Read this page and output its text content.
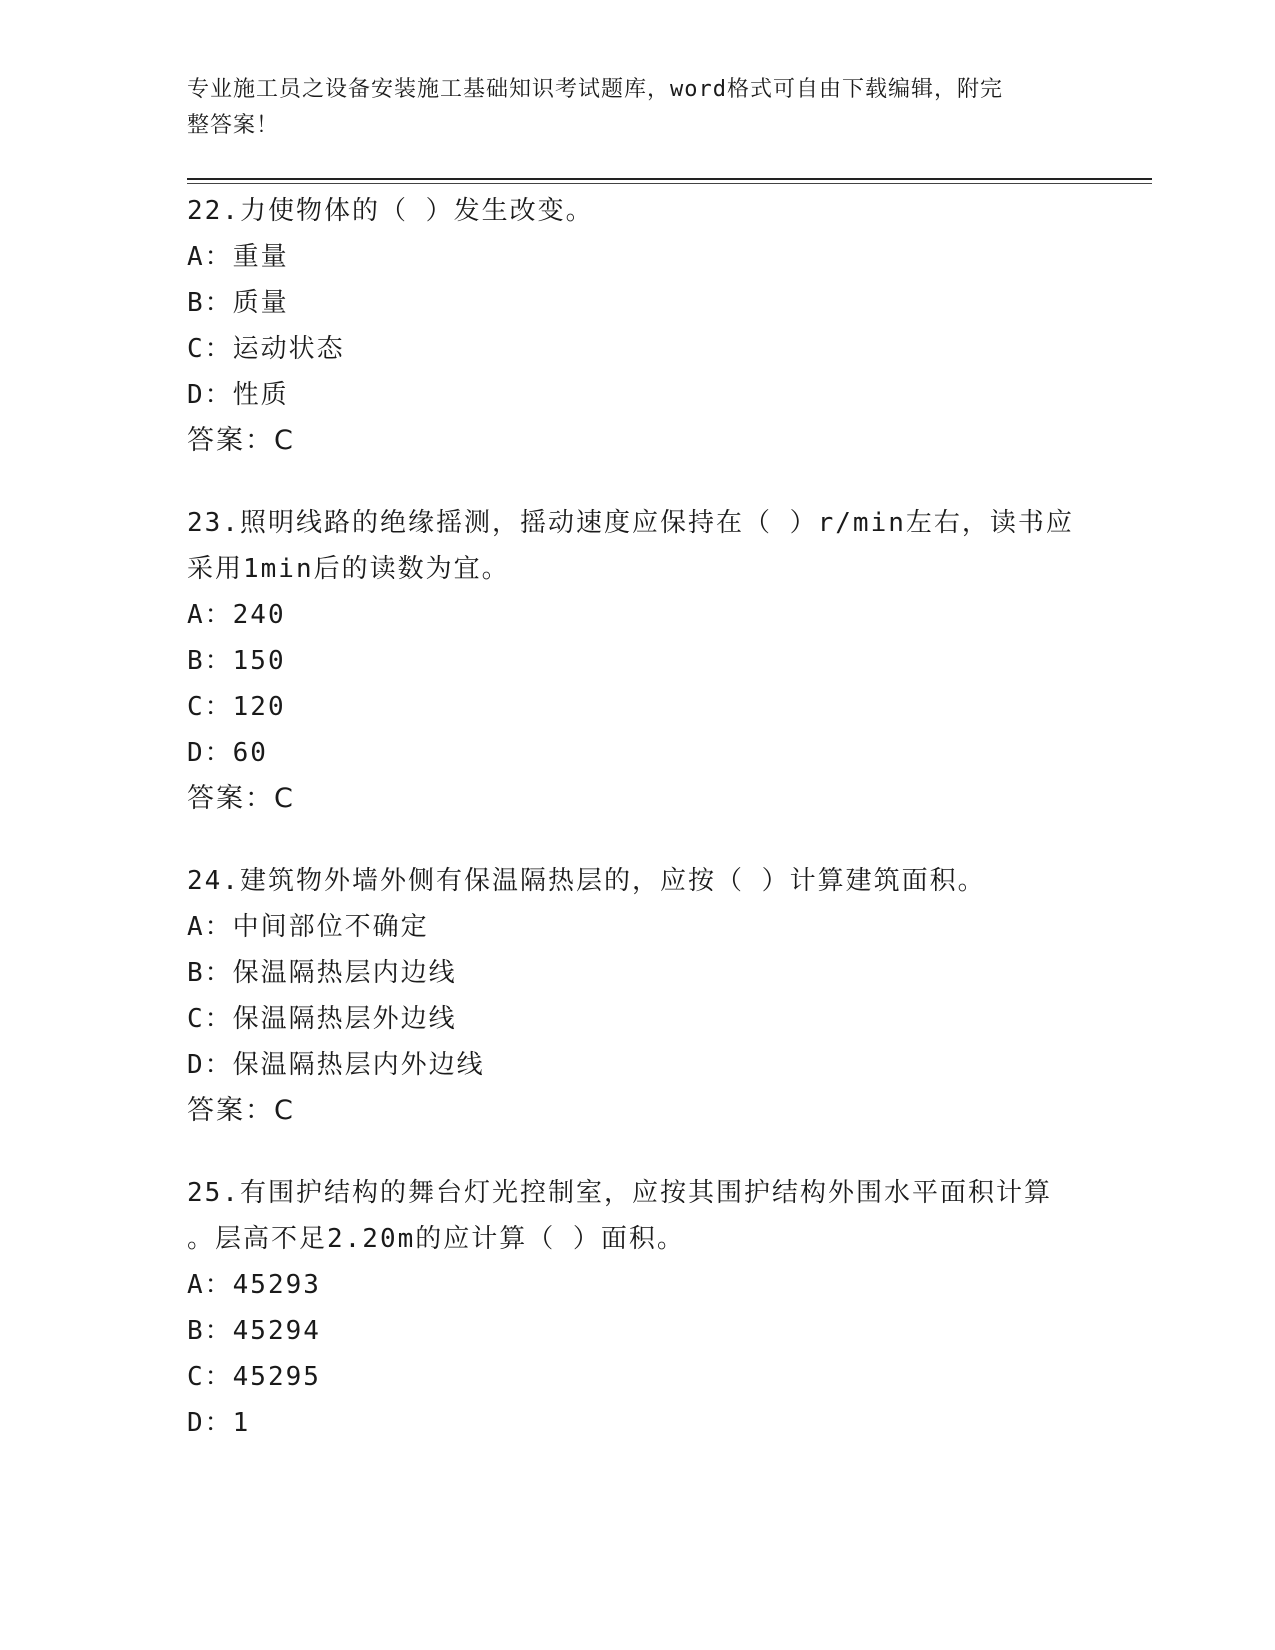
专业施工员之设备安装施工基础知识考试题库，word格式可自由下载编辑，附完
整答案！
22.力使物体的（ ）发生改变。
A：重量
B：质量
C：运动状态
D：性质
答案：C
23.照明线路的绝缘摇测，摇动速度应保持在（ ）r/min左右，读书应
采用1min后的读数为宜。
A：240
B：150
C：120
D：60
答案：C
24.建筑物外墙外侧有保温隔热层的，应按（ ）计算建筑面积。
A：中间部位不确定
B：保温隔热层内边线
C：保温隔热层外边线
D：保温隔热层内外边线
答案：C
25.有围护结构的舞台灯光控制室，应按其围护结构外围水平面积计算
。层高不足2.20m的应计算（ ）面积。
A：45293
B：45294
C：45295
D：1
